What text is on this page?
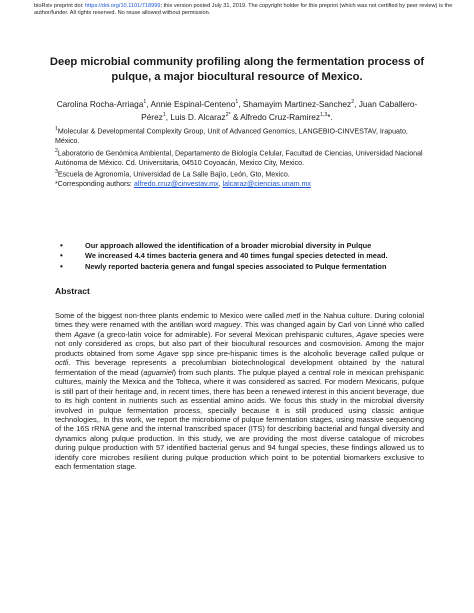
bioRxiv preprint doi: https://doi.org/10.1101/718999; this version posted July 31, 2019. The copyright holder for this preprint (which was not certified by peer review) is the author/funder. All rights reserved. No reuse allowed without permission.
Deep microbial community profiling along the fermentation process of pulque, a major biocultural resource of Mexico.
Carolina Rocha-Arriaga$^1$, Annie Espinal-Centeno$^1$, Shamayim Martinez-Sanchez$^2$, Juan Caballero-Pérez$^1$, Luis D. Alcaraz$^{2*}$ & Alfredo Cruz-Ramirez$^{1,3}$*.
$^1$Molecular & Developmental Complexity Group, Unit of Advanced Genomics, LANGEBIO-CINVESTAV, Irapuato, México.
$^2$Laboratorio de Genómica Ambiental, Departamento de Biología Celular, Facultad de Ciencias, Universidad Nacional Autónoma de México. Cd. Universitaria, 04510 Coyoacán, Mexico City, Mexico.
$^3$Escuela de Agronomía, Universidad de La Salle Bajío, León, Gto, Mexico.
*Corresponding authors: alfredo.cruz@cinvestav.mx, lalcaraz@ciencias.unam.mx
•	Our approach allowed the identification of a broader microbial diversity in Pulque
•	We increased 4.4 times bacteria genera and 40 times fungal species detected in mead.
•	Newly reported bacteria genera and fungal species associated to Pulque fermentation
Abstract

Some of the biggest non-three plants endemic to Mexico were called metl in the Nahua culture. During colonial times they were renamed with the antillan word maguey. This was changed again by Carl von Linné who called them Agave (a greco-latin voice for admirable). For several Mexican prehispanic cultures, Agave species were not only considered as crops, but also part of their biocultural resources and cosmovision. Among the major products obtained from some Agave spp since pre-hispanic times is the alcoholic beverage called pulque or octli. This beverage represents a precolumbian biotechnological development obtained by the natural fermentation of the mead (aguamiel) from such plants. The pulque played a central role in mexican prehispanic cultures, mainly the Mexica and the Tolteca, where it was considered as sacred. For modern Mexicans, pulque is still part of their heritage and, in recent times, there has been a renewed interest in this ancient beverage, due to its high content in nutrients such as essential amino acids. We focus this study in the microbial diversity involved in pulque fermentation process, specially because it is still produced using classic antique technologies,. In this work, we report the microbiome of pulque fermentation stages, using massive sequencing of the 16S rRNA gene and the internal transcribed spacer (ITS) for describing bacterial and fungal diversity and dynamics along pulque production. In this study, we are providing the most diverse catalogue of microbes during pulque production with 57 identified bacterial genus and 94 fungal species, these findings allowed us to identify core microbes resilient during pulque production which point to be potential biomarkers exclusive to each fermentation stage.
